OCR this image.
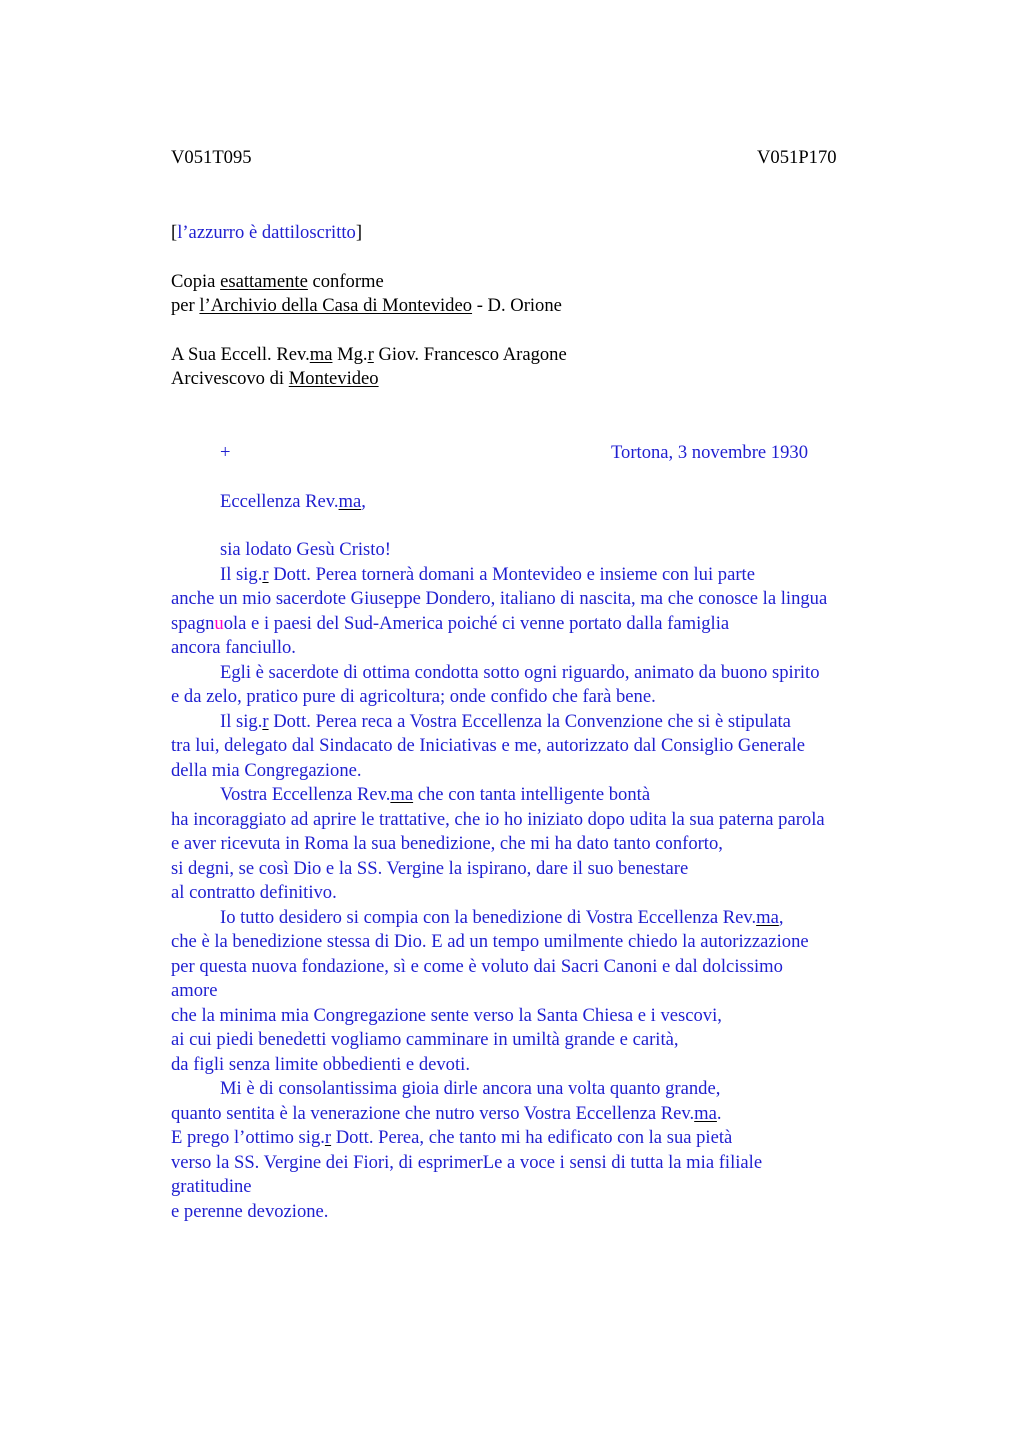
V051T095	V051P170
[l’azzurro è dattiloscritto]
Copia esattamente conforme
per l’Archivio della Casa di Montevideo - D. Orione
A Sua Eccell. Rev.ma Mg.r Giov. Francesco Aragone
Arcivescovo di Montevideo
+	Tortona, 3 novembre 1930
Eccellenza Rev.ma,
sia lodato Gesù Cristo!
Il sig.r Dott. Perea tornerà domani a Montevideo e insieme con lui parte
anche un mio sacerdote Giuseppe Dondero, italiano di nascita, ma che conosce la lingua
spagnuola e i paesi del Sud-America poiché ci venne portato dalla famiglia
ancora fanciullo.
Egli è sacerdote di ottima condotta sotto ogni riguardo, animato da buono spirito
e da zelo, pratico pure di agricoltura; onde confido che farà bene.
Il sig.r Dott. Perea reca a Vostra Eccellenza la Convenzione che si è stipulata
tra lui, delegato dal Sindacato de Iniciativas e me, autorizzato dal Consiglio Generale
della mia Congregazione.
Vostra Eccellenza Rev.ma che con tanta intelligente bontà
ha incoraggiato ad aprire le trattative, che io ho iniziato dopo udita la sua paterna parola
e aver ricevuta in Roma la sua benedizione, che mi ha dato tanto conforto,
si degni, se così Dio e la SS. Vergine la ispirano, dare il suo benestare
al contratto definitivo.
Io tutto desidero si compia con la benedizione di Vostra Eccellenza Rev.ma,
che è la benedizione stessa di Dio. E ad un tempo umilmente chiedo la autorizzazione
per questa nuova fondazione, sì e come è voluto dai Sacri Canoni e dal dolcissimo
amore
che la minima mia Congregazione sente verso la Santa Chiesa e i vescovi,
ai cui piedi benedetti vogliamo camminare in umiltà grande e carità,
da figli senza limite obbedienti e devoti.
Mi è di consolantissima gioia dirle ancora una volta quanto grande,
quanto sentita è la venerazione che nutro verso Vostra Eccellenza Rev.ma.
E prego l’ottimo sig.r Dott. Perea, che tanto mi ha edificato con la sua pietà
verso la SS. Vergine dei Fiori, di esprimerLe a voce i sensi di tutta la mia filiale
gratitudine
e perenne devozione.
